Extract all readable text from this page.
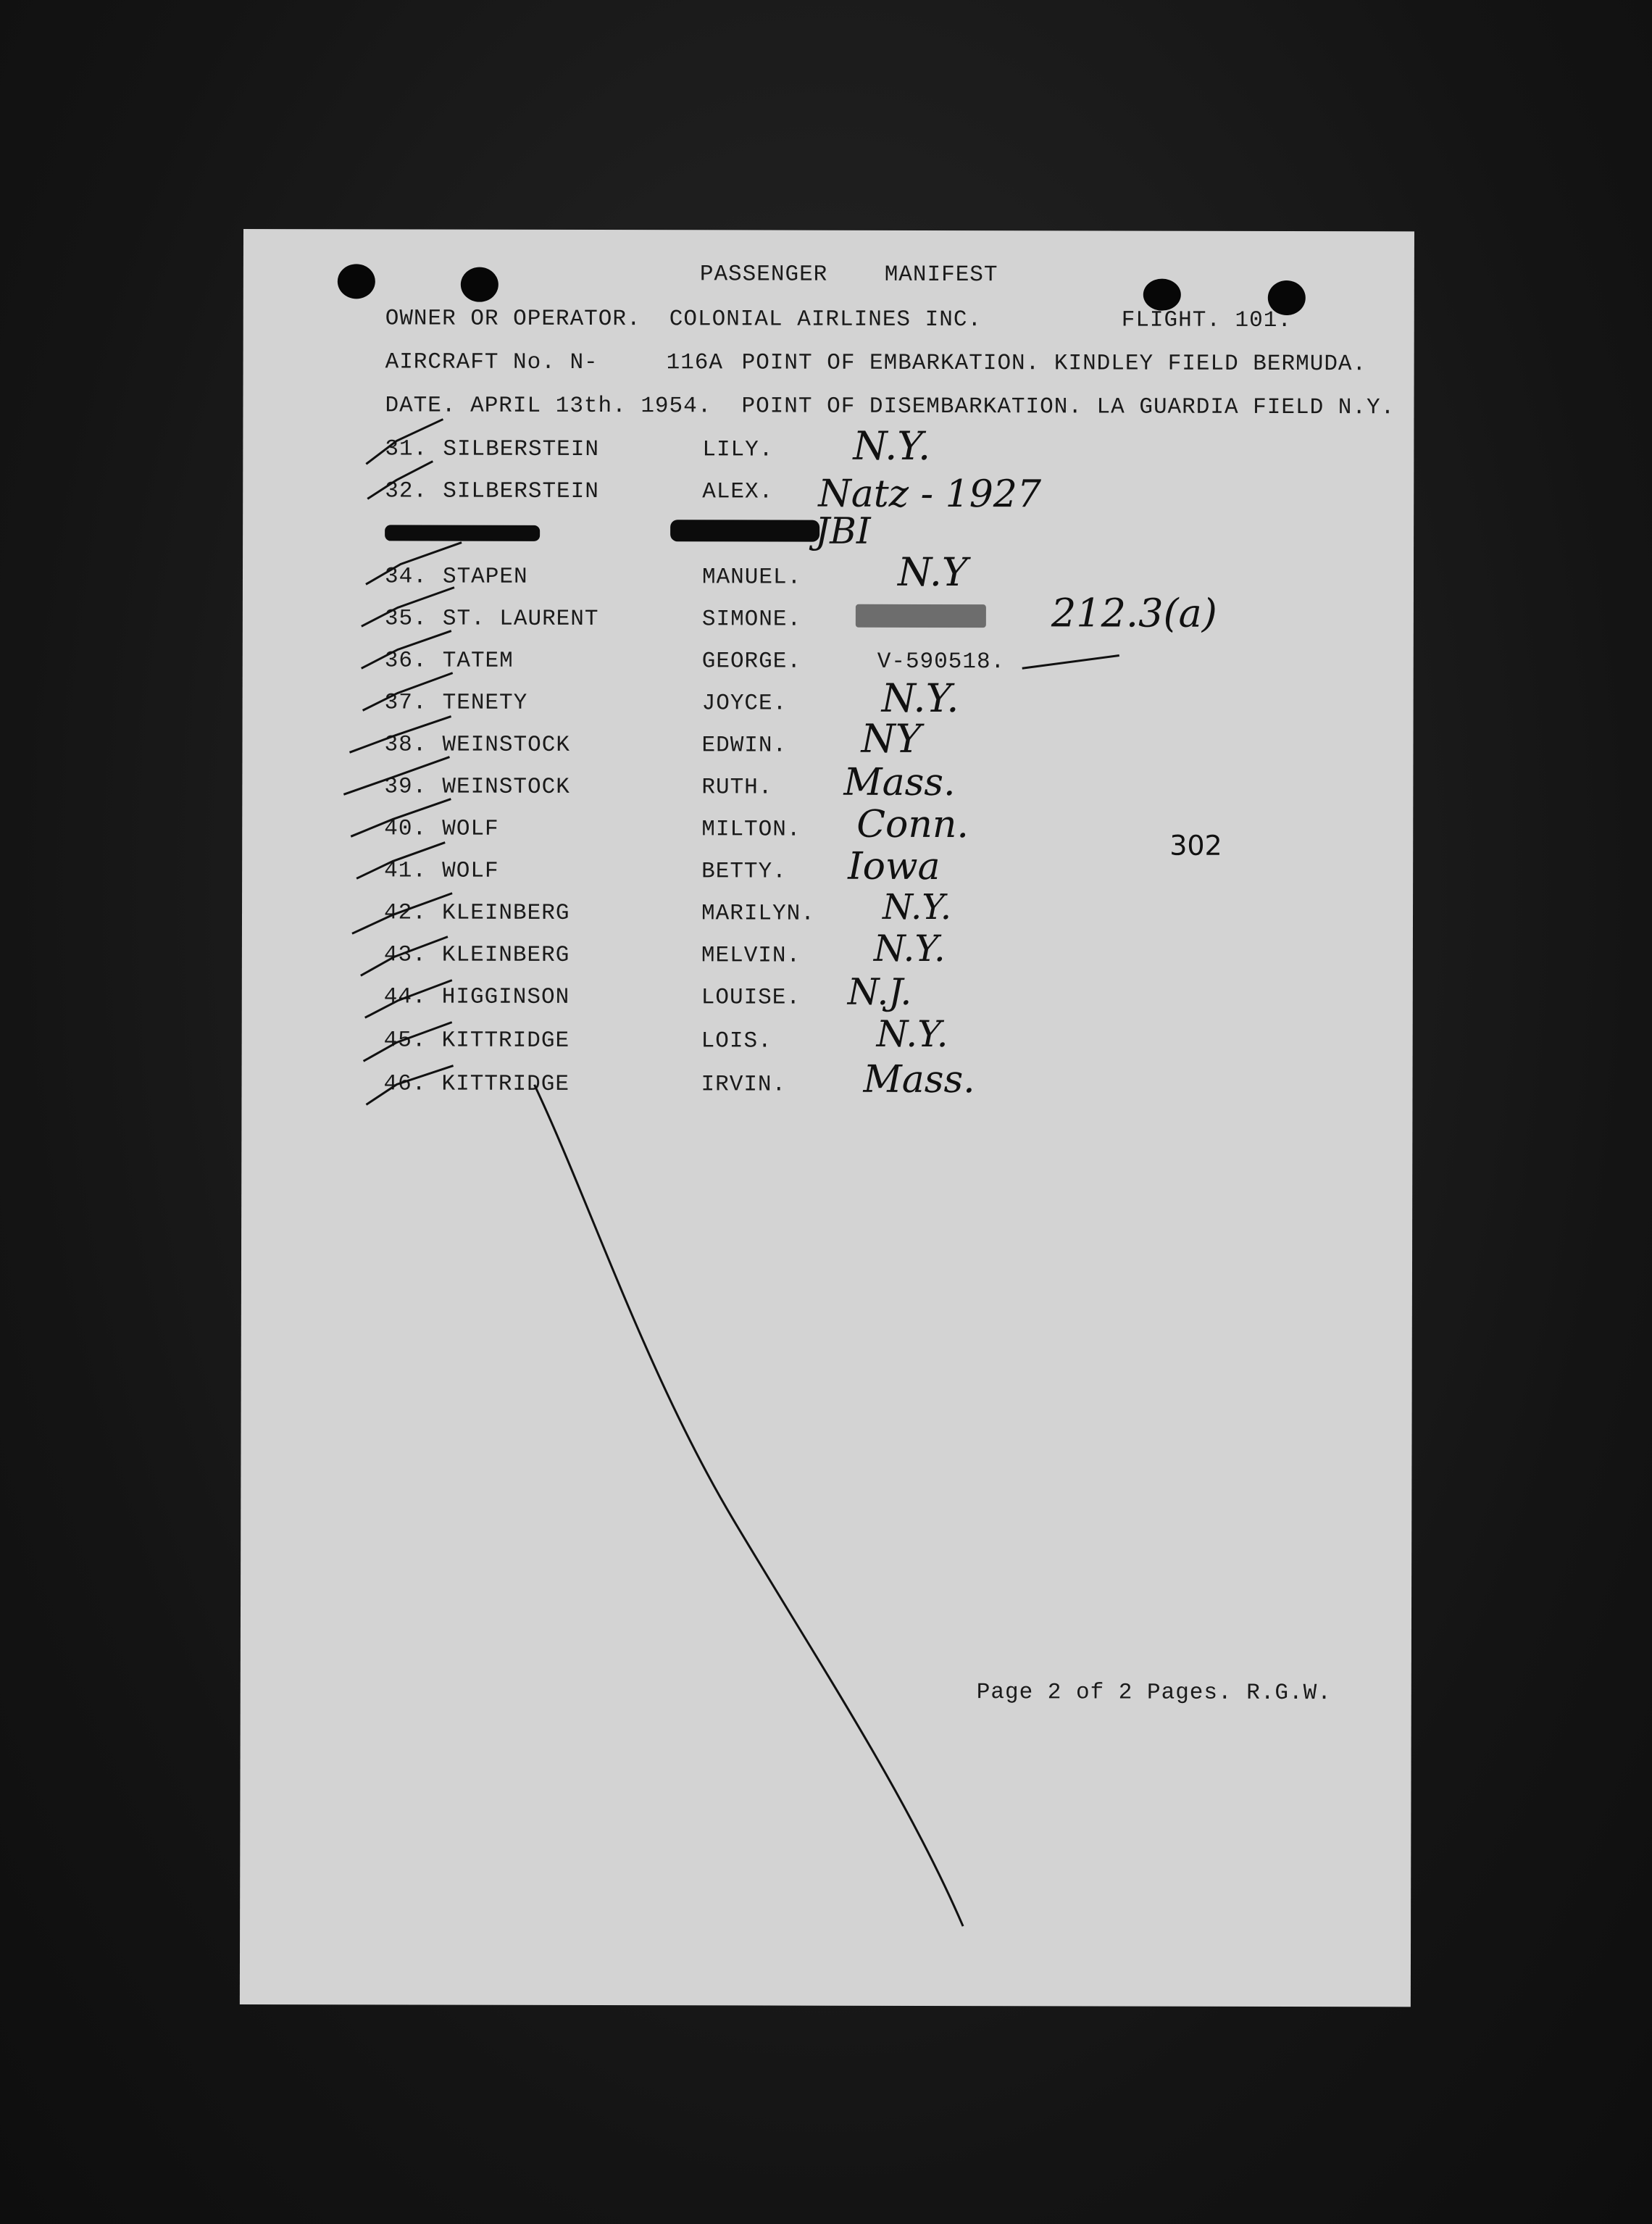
PASSENGER    MANIFEST
OWNER OR OPERATOR.  COLONIAL AIRLINES INC.	FLIGHT. 101.
AIRCRAFT No. N-	116A POINT OF EMBARKATION. KINDLEY FIELD BERMUDA.
DATE. APRIL 13th. 1954. POINT OF DISEMBARKATION. LA GUARDIA FIELD N.Y.
31. SILBERSTEIN	LILY. N.Y.
32. SILBERSTEIN	ALEX. Natz - 1927
JBI
34. STAPEN	MANUEL. N.Y
35. ST. LAURENT	SIMONE.	212.3(a)
36. TATEM	GEORGE.	V-590518.
37. TENETY	JOYCE. N.Y.
38. WEINSTOCK	EDWIN. NY
39. WEINSTOCK	RUTH. Mass.
40. WOLF	MILTON. Conn.
41. WOLF	BETTY. Iowa
42. KLEINBERG	MARILYN. N.Y.
43. KLEINBERG	MELVIN. N.Y.
44. HIGGINSON	LOUISE. N.J.
45. KITTRIDGE	LOIS.	N.Y.
46. KITTRIDGE	IRVIN. Mass.
302
Page 2 of 2 Pages. R.G.W.
